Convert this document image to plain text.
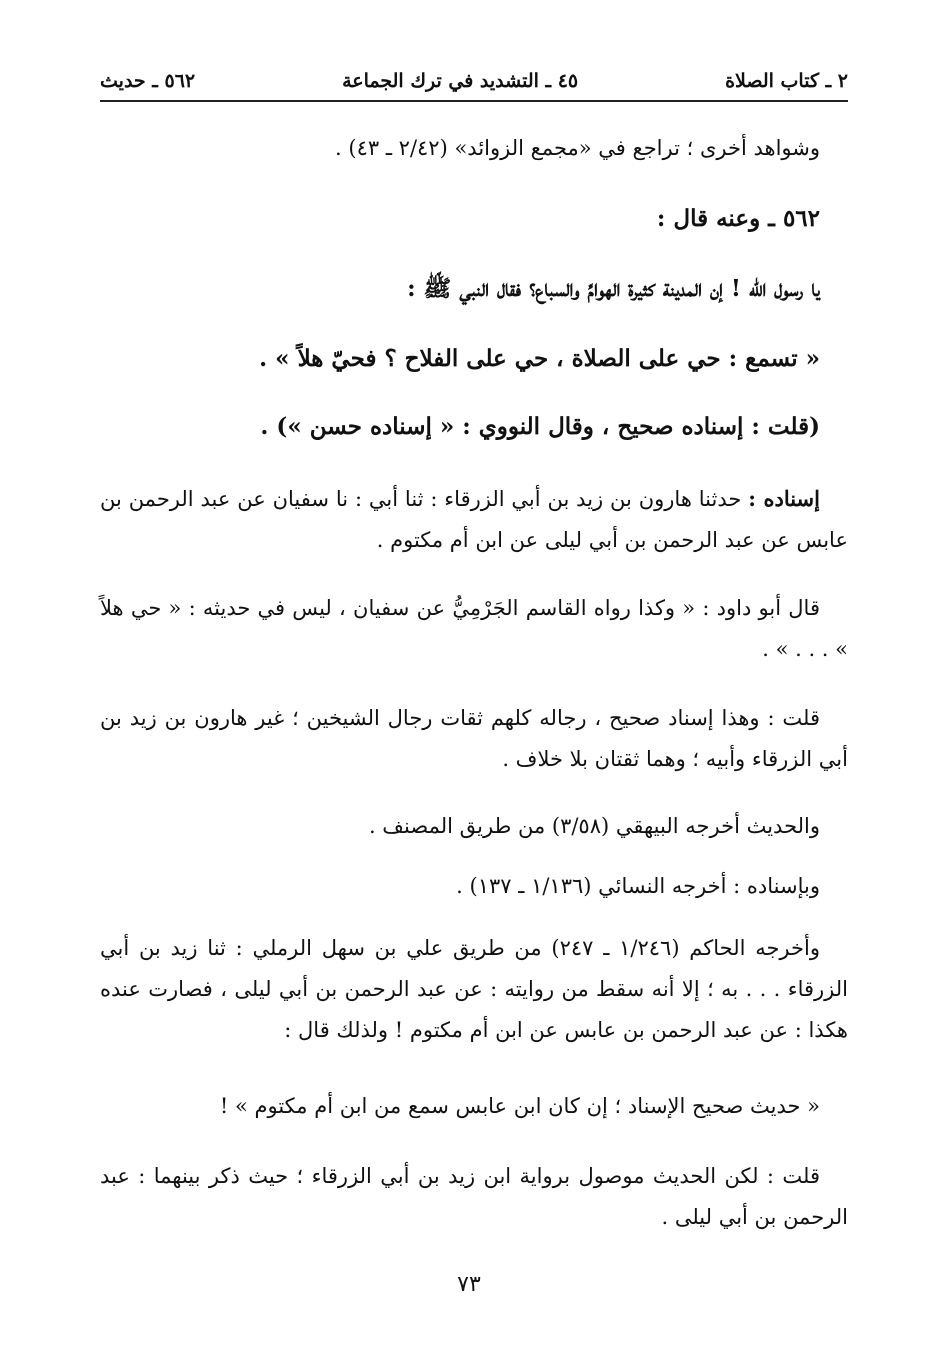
٢ ـ كتاب الصلاة
٤٥ ـ التشديد في ترك الجماعة
٥٦٢ ـ حديث
وشواهد أخرى ؛ تراجع في «مجمع الزوائد» (٢/٤٢ ـ ٤٣) .
٥٦٢ ـ وعنه قال :
يا رسول الله ! إن المدينة كثيرة الهوامِّ والسباع؟ فقال النبي ﷺ :
« تسمع : حي على الصلاة ، حي على الفلاح ؟ فحيّ هلاً » .
(قلت : إسناده صحيح ، وقال النووي : « إسناده حسن ») .
إسناده : حدثنا هارون بن زيد بن أبي الزرقاء : ثنا أبي : نا سفيان عن عبد الرحمن بن عابس عن عبد الرحمن بن أبي ليلى عن ابن أم مكتوم .
قال أبو داود : « وكذا رواه القاسم الجَرْمِيُّ عن سفيان ، ليس في حديثه : « حي هلاً » . . . » .
قلت : وهذا إسناد صحيح ، رجاله كلهم ثقات رجال الشيخين ؛ غير هارون بن زيد بن أبي الزرقاء وأبيه ؛ وهما ثقتان بلا خلاف .
والحديث أخرجه البيهقي (٣/٥٨) من طريق المصنف .
وبإسناده : أخرجه النسائي (١/١٣٦ ـ ١٣٧) .
وأخرجه الحاكم (١/٢٤٦ ـ ٢٤٧) من طريق علي بن سهل الرملي : ثنا زيد بن أبي الزرقاء . . . به ؛ إلا أنه سقط من روايته : عن عبد الرحمن بن أبي ليلى ، فصارت عنده هكذا : عن عبد الرحمن بن عابس عن ابن أم مكتوم ! ولذلك قال :
« حديث صحيح الإسناد ؛ إن كان ابن عابس سمع من ابن أم مكتوم » !
قلت : لكن الحديث موصول برواية ابن زيد بن أبي الزرقاء ؛ حيث ذكر بينهما : عبد الرحمن بن أبي ليلى .
٧٣
